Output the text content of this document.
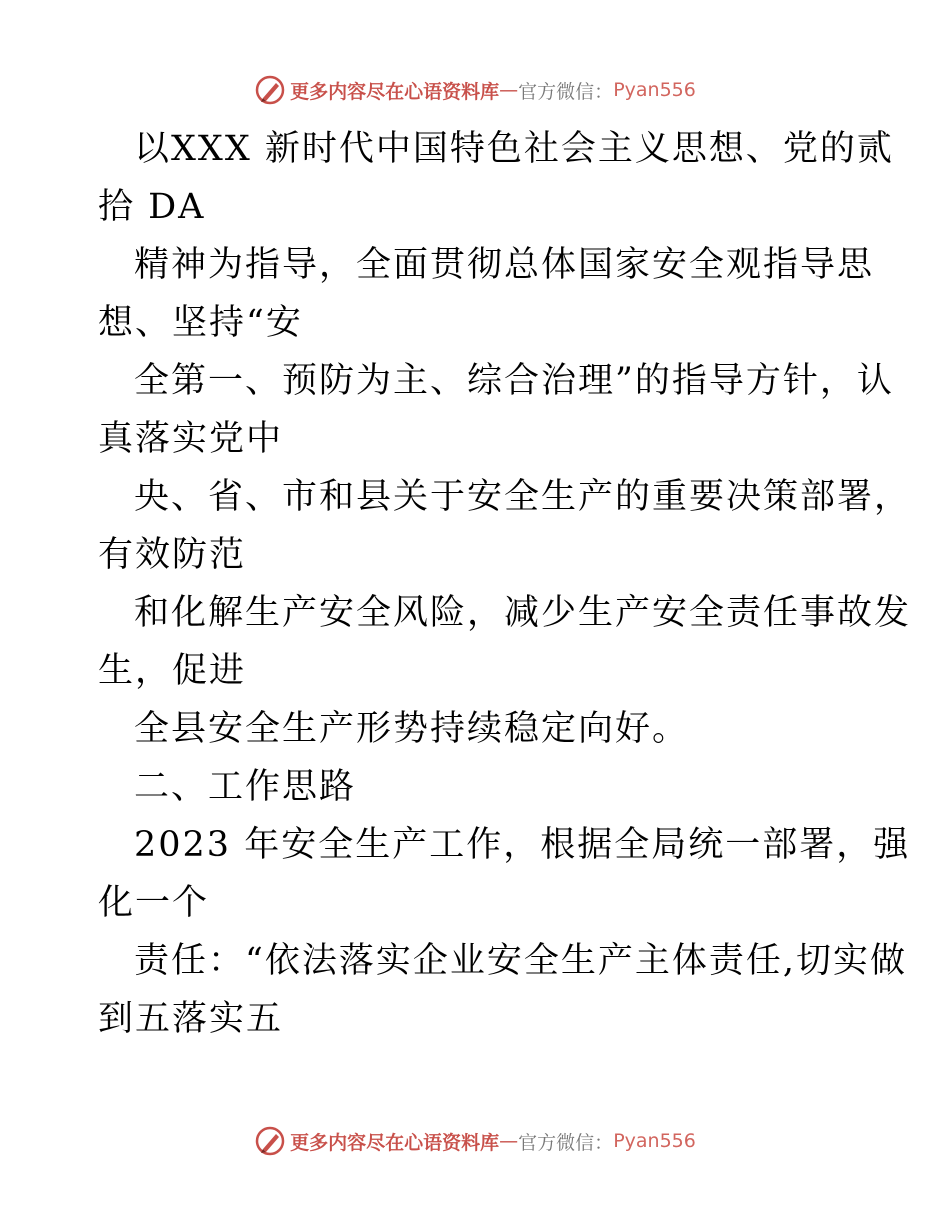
更多内容尽在心语资料库 — 官方微信： Pyan556
以XXX 新时代中国特色社会主义思想、党的贰
拾 DA
精神为指导，全面贯彻总体国家安全观指导思
想、坚持“安
全第一、预防为主、综合治理”的指导方针，认
真落实党中
央、省、市和县关于安全生产的重要决策部署，
有效防范
和化解生产安全风险，减少生产安全责任事故发
生，促进
全县安全生产形势持续稳定向好。
二、工作思路
2023 年安全生产工作，根据全局统一部署，强
化一个
责任：“依法落实企业安全生产主体责任,切实做
到五落实五
更多内容尽在心语资料库 — 官方微信： Pyan556
